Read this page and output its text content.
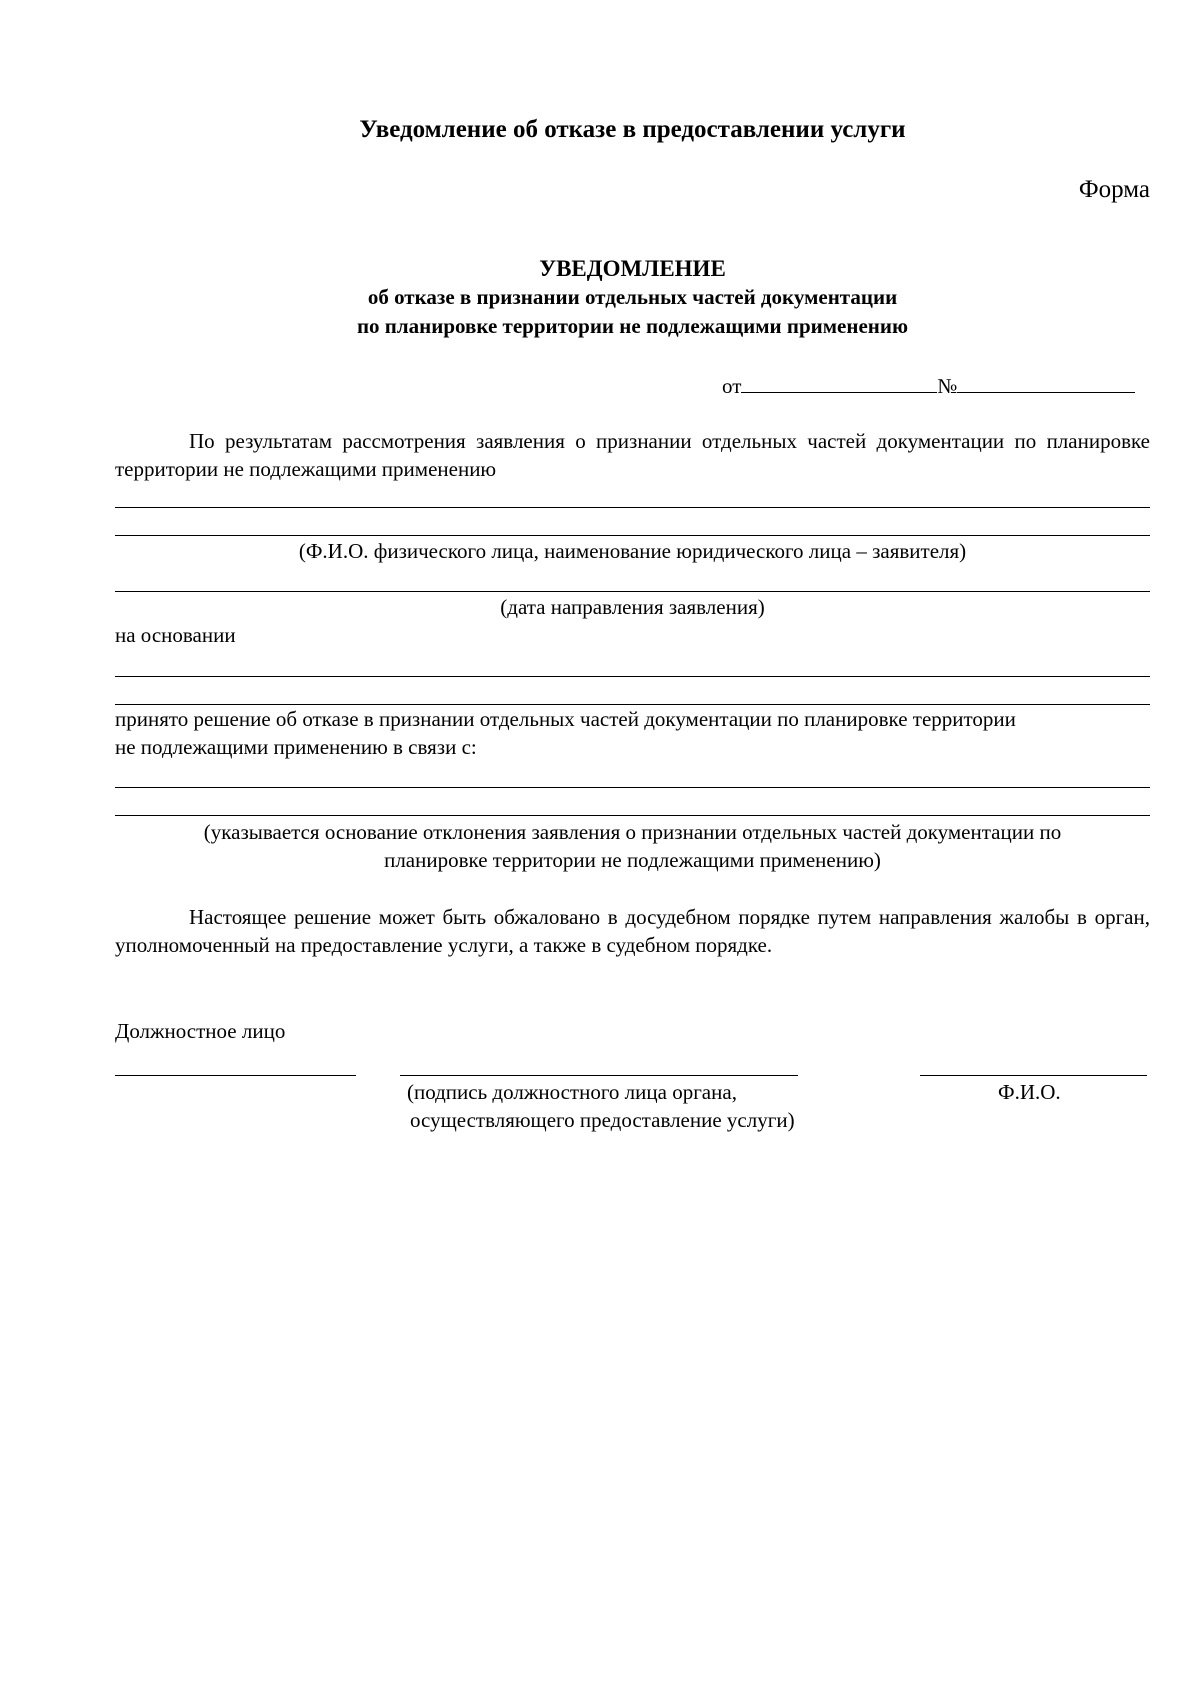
Уведомление об отказе в предоставлении услуги
Форма
УВЕДОМЛЕНИЕ
об отказе в признании отдельных частей документации
по планировке территории не подлежащими применению
от	№
По результатам рассмотрения заявления о признании отдельных частей документации по планировке территории не подлежащими применению
(Ф.И.О. физического лица, наименование юридического лица – заявителя)
(дата направления заявления)
на основании
принято решение об отказе в признании отдельных частей документации по планировке территории
не подлежащими применению в связи с:
(указывается основание отклонения заявления о признании отдельных частей документации по
планировке территории не подлежащими применению)
Настоящее решение может быть обжаловано в досудебном порядке путем направления жалобы в орган, уполномоченный на предоставление услуги, а также в судебном порядке.
Должностное лицо
(подпись должностного лица органа,
осуществляющего предоставление услуги)
Ф.И.О.
